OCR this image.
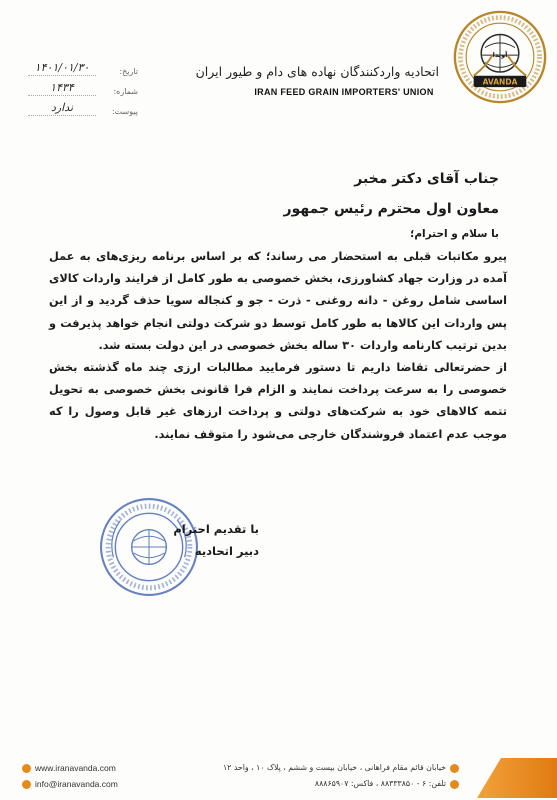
AVANDA
آوندا
اتحادیه واردکنندگان نهاده های دام و طیور ایران
IRAN FEED GRAIN IMPORTERS' UNION
تاریخ:
۱۴۰۱/۰۱/۳۰
شماره:
۱۴۳۴
پیوست:
ندارد
جناب آقای دکتر مخبر
معاون اول محترم رئیس جمهور
با سلام و احترام؛

پیرو مکاتبات قبلی به استحضار می رساند؛ که بر اساس برنامه ریزی‌های به عمل آمده در وزارت جهاد کشاورزی، بخش خصوصی به طور کامل از فرایند واردات کالای اساسی شامل روغن - دانه روغنی - ذرت - جو و کنجاله سویا حذف گردید و از این پس واردات این کالاها به طور کامل توسط دو شرکت دولتی انجام خواهد پذیرفت و بدین ترتیب کارنامه واردات ۳۰ ساله بخش خصوصی در این دولت بسته شد.

از حضرتعالی تقاضا داریم تا دستور فرمایید مطالبات ارزی چند ماه گذشته بخش خصوصی را به سرعت پرداخت نمایند و الزام فرا قانونی بخش خصوصی به تحویل تتمه کالاهای خود به شرکت‌های دولتی و پرداخت ارزهای غیر قابل وصول را که موجب عدم اعتماد فروشندگان خارجی می‌شود را متوقف نمایند.

با تقدیم احترام
دبیر اتحادیه
www.iranavanda.com
info@iranavanda.com
خیابان قائم مقام فراهانی ، خیابان بیست و ششم ، پلاک ۱۰ ، واحد ۱۲
تلفن: ۶ - ۸۸۳۳۳۸۵۰ ، فاکس: ۸۸۸۶۵۹۰۷
